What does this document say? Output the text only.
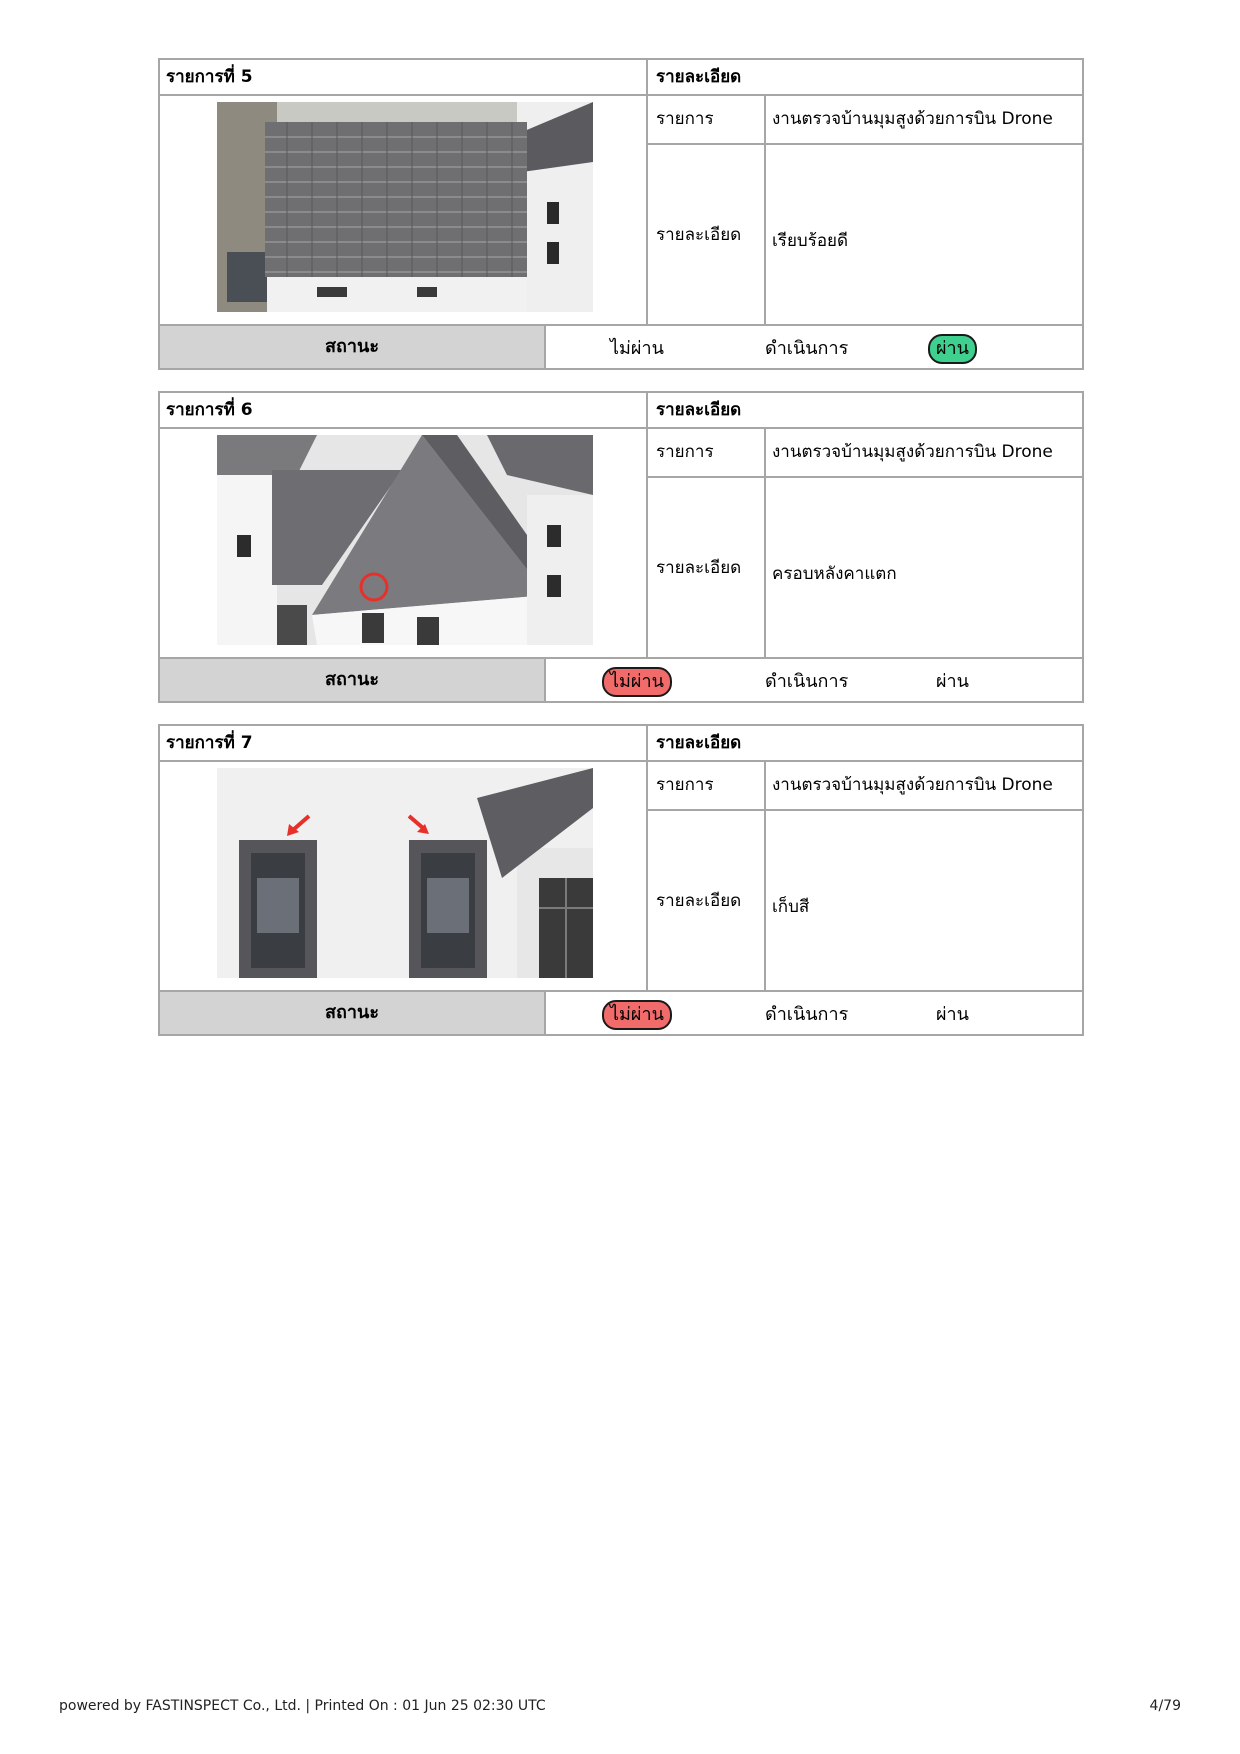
รายการที่ 5	รายละเอียด
รายการ	งานตรวจบ้านมุมสูงด้วยการบิน Drone
รายละเอียด	เรียบร้อยดี
สถานะ	ไม่ผ่าน	ดำเนินการ	ผ่าน
รายการที่ 6	รายละเอียด
รายการ	งานตรวจบ้านมุมสูงด้วยการบิน Drone
รายละเอียด	ครอบหลังคาแตก
สถานะ	ไม่ผ่าน	ดำเนินการ	ผ่าน
รายการที่ 7	รายละเอียด
รายการ	งานตรวจบ้านมุมสูงด้วยการบิน Drone
รายละเอียด	เก็บสี
สถานะ	ไม่ผ่าน	ดำเนินการ	ผ่าน
powered by FASTINSPECT Co., Ltd. | Printed On : 01 Jun 25 02:30 UTC	4/79
